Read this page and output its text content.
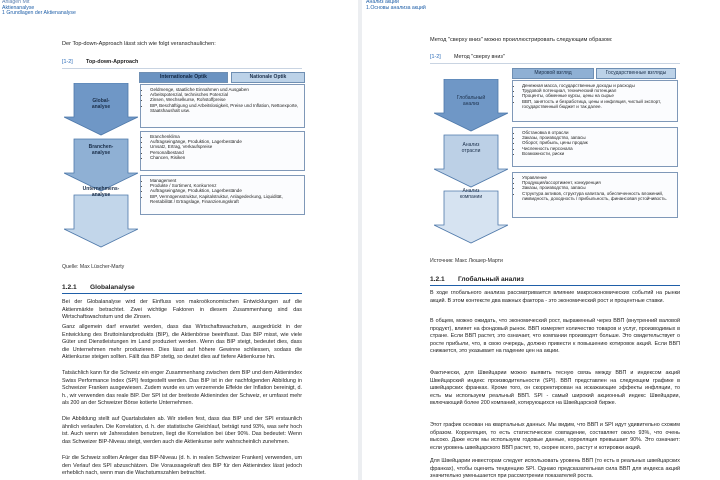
Anlagen Mit
Aktienanalyse
1 Grundlagen der Aktienanalyse
Der Top-down-Approach lässt sich wie folgt veranschaulichen:
[1-2] Top-down-Approach
Internationale Optik	Nationale Optik
Global-
analyse
Branchen-
analyse
Unternehmens-
analyse
• Geldmenge, staatliche Einnahmen und Ausgaben
• Arbeitspotenzial, technisches Potenzial
• Zinsen, Wechselkurse, Rohstoffpreise
• BIP, Beschäftigung und Arbeitslosigkeit, Preise und Inflation, Nettoexporte, Staatshaushalt usw.
• Branchenklima
• Auftragseingänge, Produktion, Lagerbestände
• Umsatz, Ertrag, Verkaufspreise
• Personalbestand
• Chancen, Risiken
• Management
• Produkte / Sortiment, Konkurrenz
• Auftragseingänge, Produktion, Lagerbestände
• BIP, Vermögensstruktur, Kapitalstruktur, Anlagedeckung, Liquidität, Rentabilität / Ertragslage, Finanzierungskraft
Quelle: Max Lüscher-Marty
1.2.1 Globalanalyse
Bei der Globalanalyse wird der Einfluss von makroökonomischen Entwicklungen auf die Aktienmärkte betrachtet. Zwei wichtige Faktoren in diesem Zusammenhang sind das Wirtschaftswachstum und die Zinsen.
Ganz allgemein darf erwartet werden, dass das Wirtschaftswachstum, ausgedrückt in der Entwicklung des Bruttoinlandprodukts (BIP), die Aktienbörse beeinflusst. Das BIP misst, wie viele Güter und Dienstleistungen im Land produziert werden. Wenn das BIP steigt, bedeutet dies, dass die Unternehmen mehr produzieren. Dies lässt auf höhere Gewinne schliessen, sodass die Aktienkurse steigen sollten. Fällt das BIP stetig, so deutet dies auf tiefere Aktienkurse hin.
Tatsächlich kann für die Schweiz ein enger Zusammenhang zwischen dem BIP und dem Aktienindex Swiss Performance Index (SPI) festgestellt werden. Das BIP ist in der nachfolgenden Abbildung in Schweizer Franken ausgewiesen. Zudem wurde es um verzerrende Effekte der Inflation bereinigt, d. h., wir verwenden das reale BIP. Der SPI ist der breiteste Aktienindex der Schweiz, er umfasst mehr als 200 an der Schweizer Börse kotierte Unternehmen.
Die Abbildung stellt auf Quartalsdaten ab. Wir stellen fest, dass das BIP und der SPI erstaunlich ähnlich verlaufen. Die Korrelation, d. h. der statistische Gleichlauf, beträgt rund 93%, was sehr hoch ist. Auch wenn wir Jahresdaten benutzen, liegt die Korrelation bei über 90%. Das bedeutet: Wenn das Schweizer BIP-Niveau steigt, werden auch die Aktienkurse sehr wahrscheinlich zunehmen.
Für die Schweiz sollten Anleger das BIP-Niveau (d. h. in realen Schweizer Franken) verwenden, um den Verlauf des SPI abzuschätzen. Die Voraussagekraft des BIP für den Aktienindex lässt jedoch erheblich nach, wenn man die Wachstumszahlen betrachtet.
Анализ акций
1.Основы анализа акций
Метод "сверху вниз" можно проиллюстрировать следующим образом:
[1-2] Метод "сверху вниз"
Мировой взгляд	Государственные взгляды
Глобальный
анализ
Анализ
отрасли
Анализ
компании
• Денежная масса, государственные доходы и расходы
• Трудовой потенциал, технический потенциал
• Проценты, обменные курсы, цены на сырье
• ВВП, занятость и безработица, цены и инфляция, чистый экспорт, государственный бюджет и так далее.
• Обстановка в отрасли
• Заказы, производство, запасы
• Оборот, прибыль, цены продаж
• Численность персонала
• Возможности, риски
• Управление
• Продукция/ассортимент, конкуренция
• Заказы, производство, запасы
• Структура активов, структура капитала, обеспеченность вложений, ликвидность, доходность / прибыльность, финансовая устойчивость.
Источник: Макс Люшер-Марти
1.2.1 Глобальный анализ
В ходе глобального анализа рассматривается влияние макроэкономических событий на рынки акций. В этом контексте два важных фактора - это экономический рост и процентные ставки.
В общем, можно ожидать, что экономический рост, выраженный через ВВП (внутренний валовой продукт), влияет на фондовый рынок. ВВП измеряет количество товаров и услуг, производимых в стране. Если ВВП растет, это означает, что компании производят больше. Это свидетельствует о росте прибыли, что, в свою очередь, должно привести к повышению котировок акций. Если ВВП снижается, это указывает на падение цен на акции.
Фактически, для Швейцарии можно выявить тесную связь между ВВП и индексом акций Швейцарский индекс производительности (SPI). ВВП представлен на следующем графике в швейцарских франках. Кроме того, он скорректирован на искажающие эффекты инфляции, то есть мы используем реальный ВВП. SPI - самый широкий акционный индекс Швейцарии, включающий более 200 компаний, котирующихся на Швейцарской бирже.
Этот график основан на квартальных данных. Мы видим, что ВВП и SPI идут удивительно схожим образом. Корреляция, то есть статистическое совпадение, составляет около 93%, что очень высоко. Даже если мы используем годовые данные, корреляция превышает 90%. Это означает: если уровень швейцарского ВВП растет, то, скорее всего, растут и котировки акций.
Для Швейцарии инвесторам следует использовать уровень ВВП (то есть в реальных швейцарских франках), чтобы оценить тенденцию SPI. Однако предсказательная сила ВВП для индекса акций значительно уменьшается при рассмотрении показателей роста.
